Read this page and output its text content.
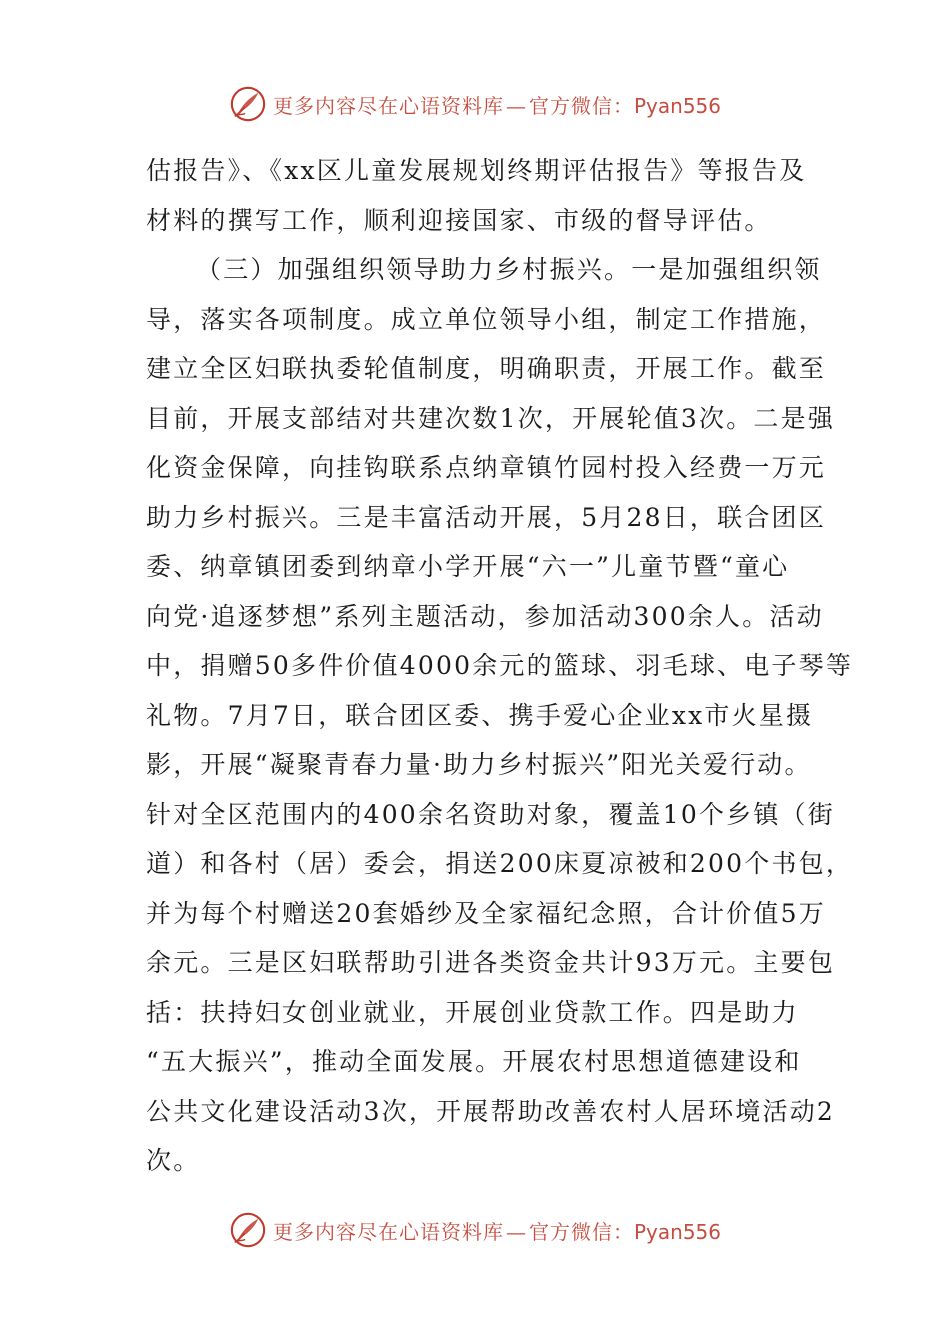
更多内容尽在心语资料库 — 官方微信：Pyan556
估报告》、《xx区儿童发展规划终期评估报告》等报告及
材料的撰写工作，顺利迎接国家、市级的督导评估。
（三）加强组织领导助力乡村振兴。一是加强组织领
导，落实各项制度。成立单位领导小组，制定工作措施，
建立全区妇联执委轮值制度，明确职责，开展工作。截至
目前，开展支部结对共建次数1次，开展轮值3次。二是强
化资金保障，向挂钩联系点纳章镇竹园村投入经费一万元
助力乡村振兴。三是丰富活动开展，5月28日，联合团区
委、纳章镇团委到纳章小学开展“六一”儿童节暨“童心
向党·追逐梦想”系列主题活动，参加活动300余人。活动
中，捐赠50多件价值4000余元的篮球、羽毛球、电子琴等
礼物。7月7日，联合团区委、携手爱心企业xx市火星摄
影，开展“凝聚青春力量·助力乡村振兴”阳光关爱行动。
针对全区范围内的400余名资助对象，覆盖10个乡镇（街
道）和各村（居）委会，捐送200床夏凉被和200个书包，
并为每个村赠送20套婚纱及全家福纪念照，合计价值5万
余元。三是区妇联帮助引进各类资金共计93万元。主要包
括：扶持妇女创业就业，开展创业贷款工作。四是助力
“五大振兴”，推动全面发展。开展农村思想道德建设和
公共文化建设活动3次，开展帮助改善农村人居环境活动2
次。
更多内容尽在心语资料库 — 官方微信：Pyan556
